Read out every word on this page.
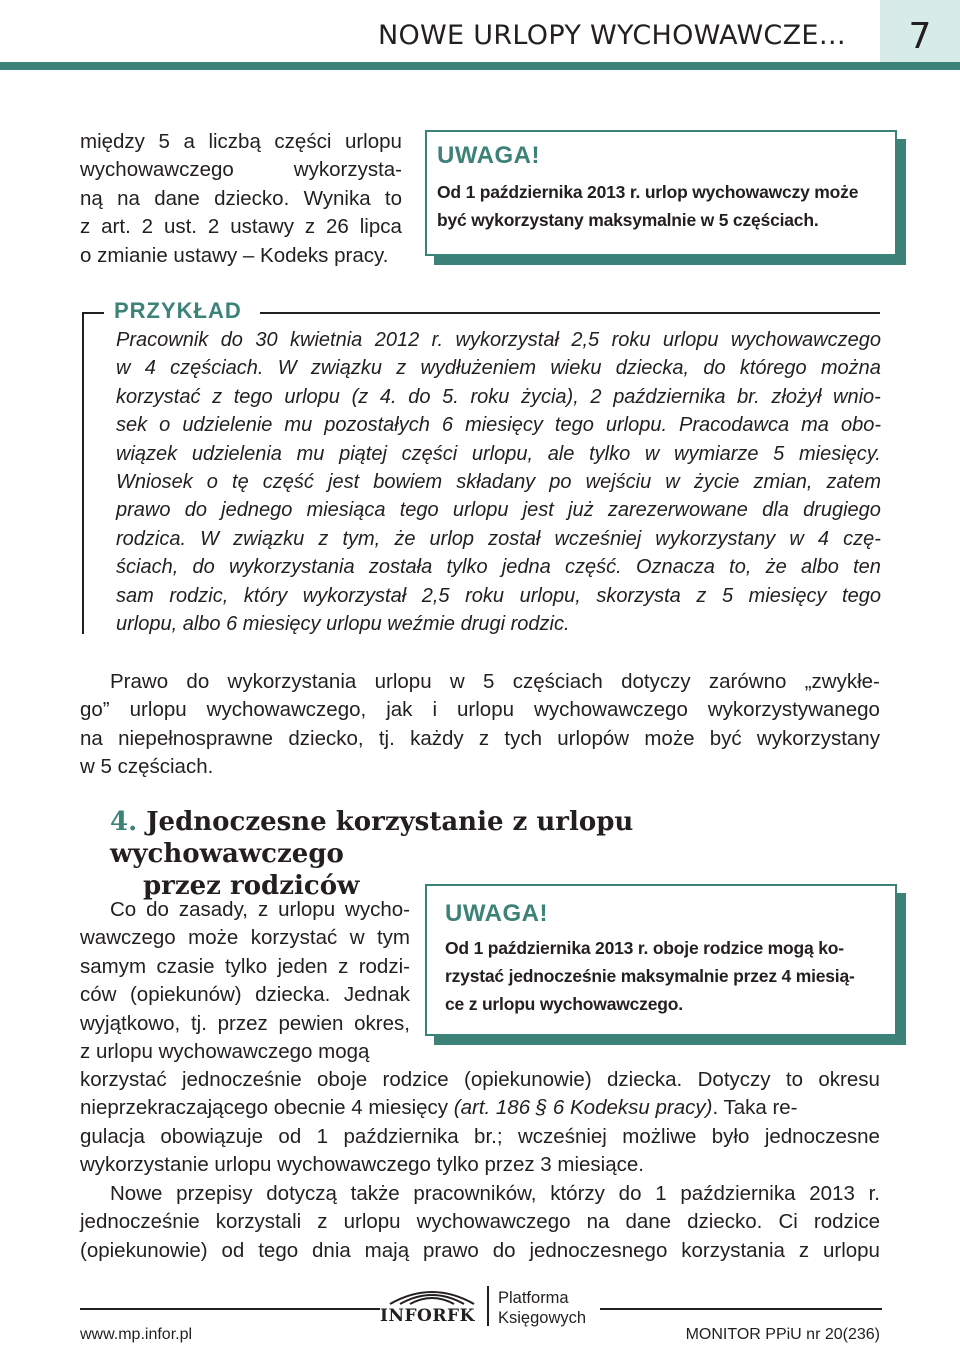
NOWE URLOPY WYCHOWAWCZE…	7
między 5 a liczbą części urlopu
wychowawczego	wykorzysta-
ną na dane dziecko. Wynika to
z art. 2 ust. 2 ustawy z 26 lipca
o zmianie ustawy – Kodeks pracy.
UWAGA!
Od 1 października 2013 r. urlop wychowawczy może
być wykorzystany maksymalnie w 5 częściach.
PRZYKŁAD
Pracownik do 30 kwietnia 2012 r. wykorzystał 2,5 roku urlopu wychowawczego
w 4 częściach. W związku z wydłużeniem wieku dziecka, do którego można
korzystać z tego urlopu (z 4. do 5. roku życia), 2 października br. złożył wnio-
sek o udzielenie mu pozostałych 6 miesięcy tego urlopu. Pracodawca ma obo-
wiązek udzielenia mu piątej części urlopu, ale tylko w wymiarze 5 miesięcy.
Wniosek o tę część jest bowiem składany po wejściu w życie zmian, zatem
prawo do jednego miesiąca tego urlopu jest już zarezerwowane dla drugiego
rodzica. W związku z tym, że urlop został wcześniej wykorzystany w 4 czę-
ściach, do wykorzystania została tylko jedna część. Oznacza to, że albo ten
sam rodzic, który wykorzystał 2,5 roku urlopu, skorzysta z 5 miesięcy tego
urlopu, albo 6 miesięcy urlopu weźmie drugi rodzic.
Prawo do wykorzystania urlopu w 5 częściach dotyczy zarówno „zwykłe-
go” urlopu wychowawczego, jak i urlopu wychowawczego wykorzystywanego
na niepełnosprawne dziecko, tj. każdy z tych urlopów może być wykorzystany
w 5 częściach.
4. Jednoczesne korzystanie z urlopu wychowawczego
przez rodziców
UWAGA!
Od 1 października 2013 r. oboje rodzice mogą ko-
rzystać jednocześnie maksymalnie przez 4 miesią-
ce z urlopu wychowawczego.
Co do zasady, z urlopu wycho-
wawczego może korzystać w tym
samym czasie tylko jeden z rodzi-
ców (opiekunów) dziecka. Jednak
wyjątkowo, tj. przez pewien okres,
z urlopu wychowawczego mogą
korzystać jednocześnie oboje rodzice (opiekunowie) dziecka. Dotyczy to okresu
nieprzekraczającego obecnie 4 miesięcy (art. 186 § 6 Kodeksu pracy). Taka re-
gulacja obowiązuje od 1 października br.; wcześniej możliwe było jednoczesne
wykorzystanie urlopu wychowawczego tylko przez 3 miesiące.
Nowe przepisy dotyczą także pracowników, którzy do 1 października 2013 r.
jednocześnie korzystali z urlopu wychowawczego na dane dziecko. Ci rodzice
(opiekunowie) od tego dnia mają prawo do jednoczesnego korzystania z urlopu
INFORFK
Platforma
Księgowych
www.mp.infor.pl	MONITOR PPiU nr 20(236)
